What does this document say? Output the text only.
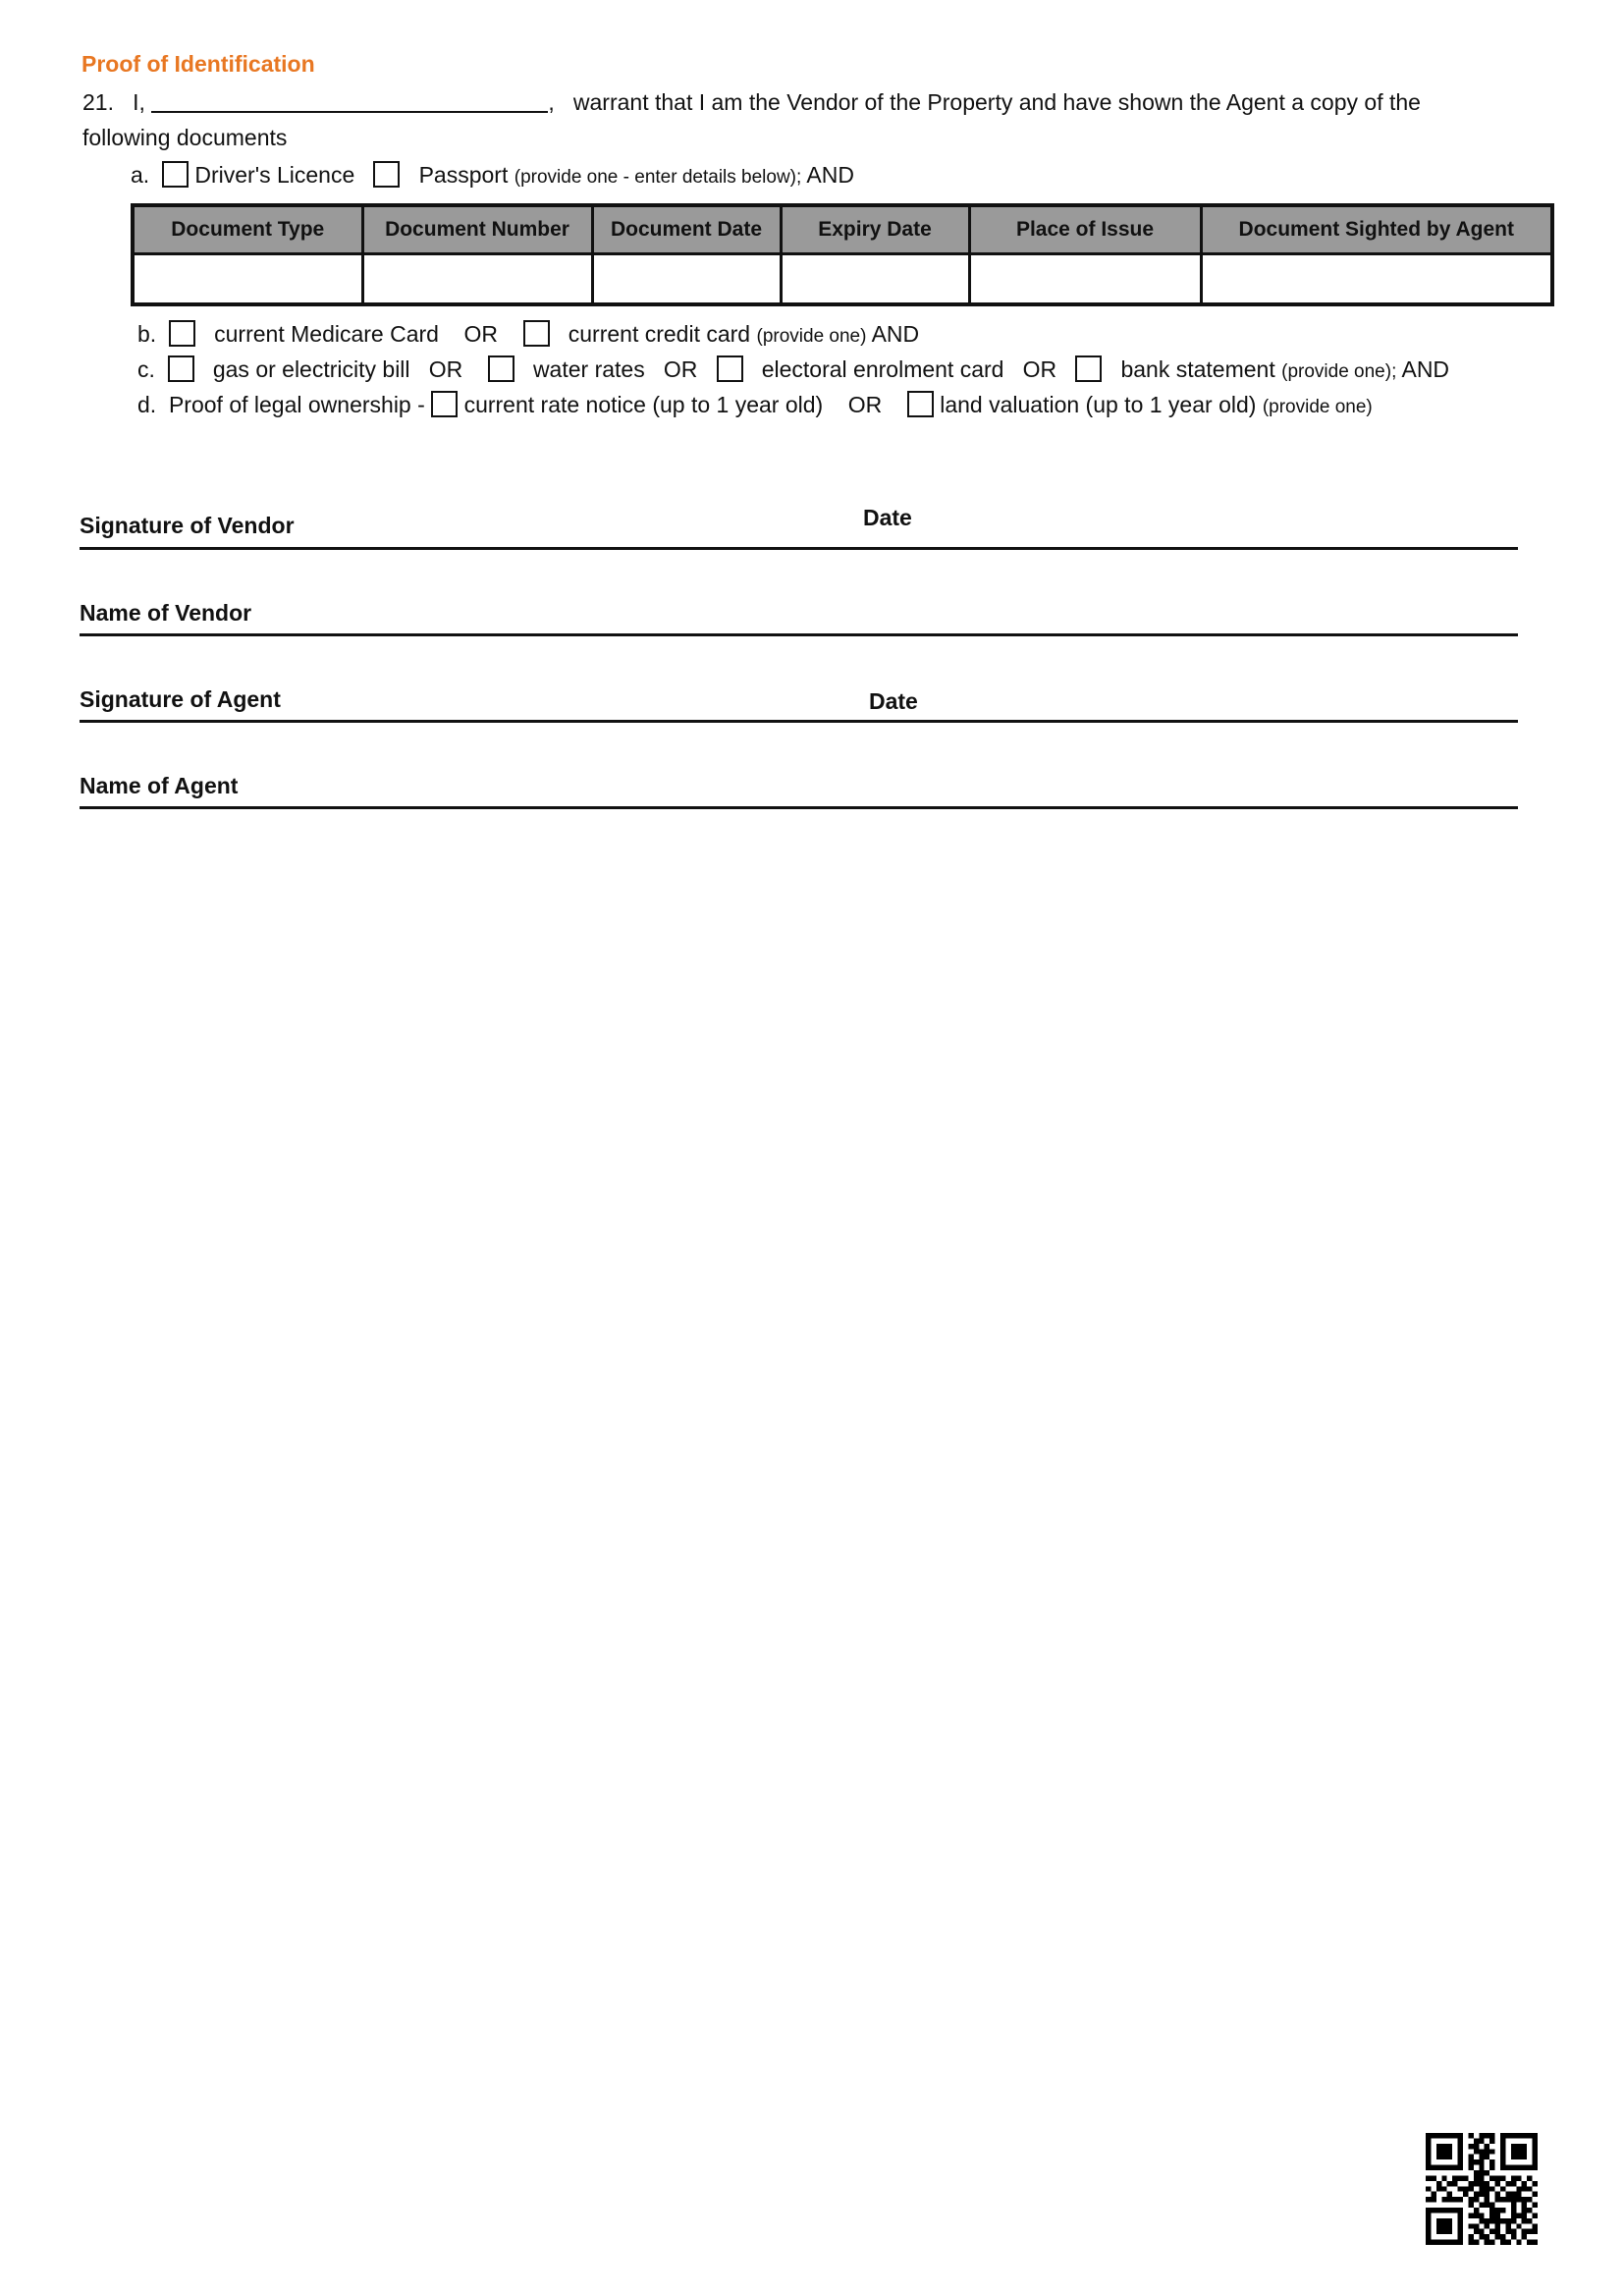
Proof of Identification
21. I,	, warrant that I am the Vendor of the Property and have shown the Agent a copy of the
following documents
a. Driver's Licence	Passport (provide one - enter details below); AND
Document Type	Document Number	Document Date	Expiry Date	Place of Issue	Document Sighted by Agent

b.	current Medicare Card OR	current credit card (provide one) AND
c.	gas or electricity bill OR	water rates OR	electoral enrolment card OR	bank statement (provide one); AND
d. Proof of legal ownership - current rate notice (up to 1 year old) OR	land valuation (up to 1 year old) (provide one)
Signature of Vendor	Date
Name of Vendor
Signature of Agent	Date
Name of Agent
